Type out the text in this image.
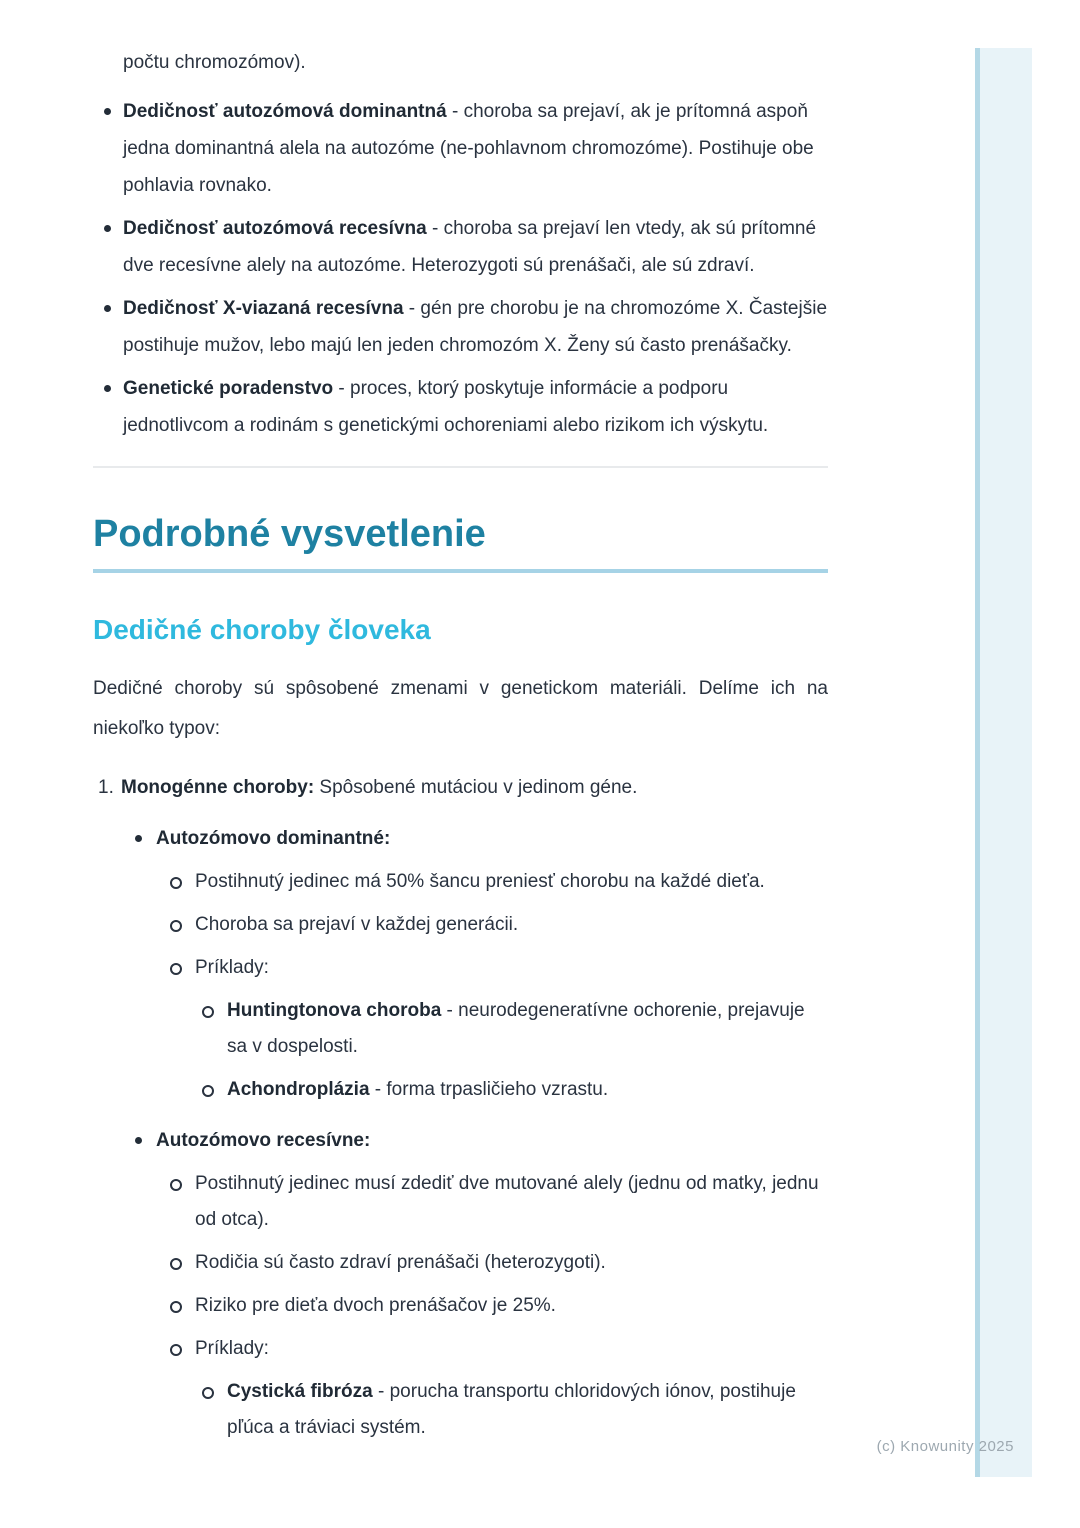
počtu chromozómov).

Dedičnosť autozómová dominantná - choroba sa prejaví, ak je prítomná aspoň jedna dominantná alela na autozóme (ne-pohlavnom chromozóme). Postihuje obe pohlavia rovnako.
Dedičnosť autozómová recesívna - choroba sa prejaví len vtedy, ak sú prítomné dve recesívne alely na autozóme. Heterozygoti sú prenášači, ale sú zdraví.
Dedičnosť X-viazaná recesívna - gén pre chorobu je na chromozóme X. Častejšie postihuje mužov, lebo majú len jeden chromozóm X. Ženy sú často prenášačky.
Genetické poradenstvo - proces, ktorý poskytuje informácie a podporu jednotlivcom a rodinám s genetickými ochoreniami alebo rizikom ich výskytu.
Podrobné vysvetlenie
Dedičné choroby človeka

Dedičné choroby sú spôsobené zmenami v genetickom materiáli. Delíme ich na niekoľko typov:

1. Monogénne choroby: Spôsobené mutáciou v jedinom géne.
Autozómovo dominantné:
Postihnutý jedinec má 50% šancu preniesť chorobu na každé dieťa.
Choroba sa prejaví v každej generácii.
Príklady:
Huntingtonova choroba - neurodegeneratívne ochorenie, prejavuje sa v dospelosti.
Achondroplázia - forma trpasličieho vzrastu.
Autozómovo recesívne:
Postihnutý jedinec musí zdediť dve mutované alely (jednu od matky, jednu od otca).
Rodičia sú často zdraví prenášači (heterozygoti).
Riziko pre dieťa dvoch prenášačov je 25%.
Príklady:
Cystická fibróza - porucha transportu chloridových iónov, postihuje pľúca a tráviaci systém.
(c) Knowunity 2025
